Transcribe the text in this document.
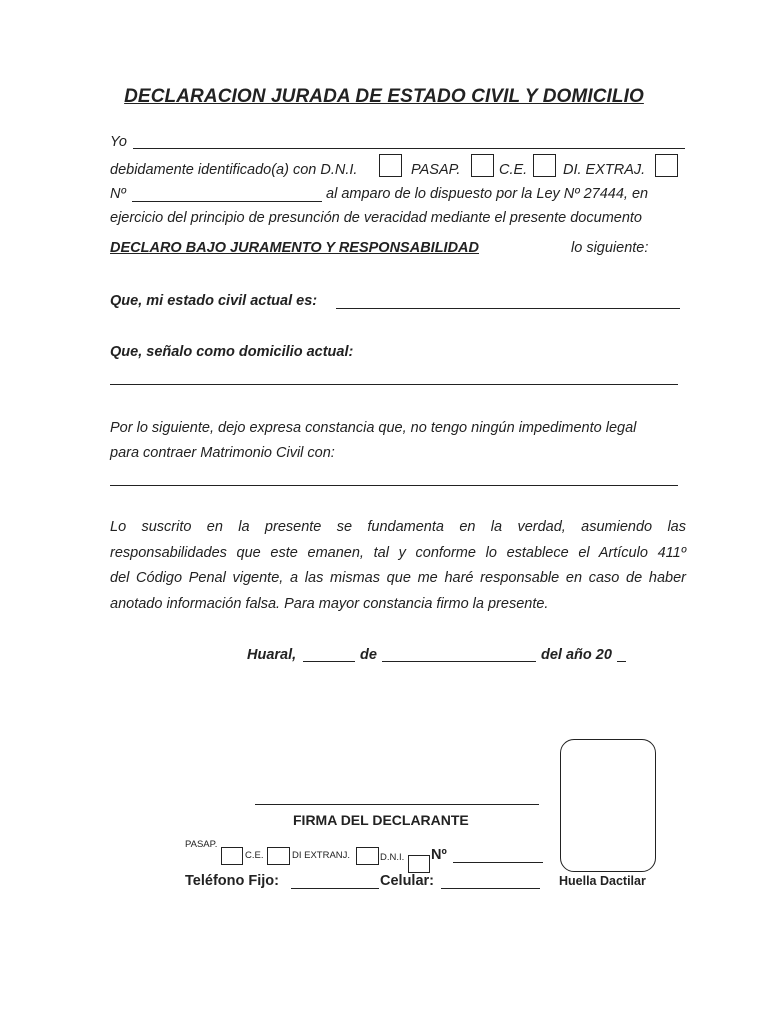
DECLARACION JURADA DE ESTADO CIVIL Y DOMICILIO
Yo
debidamente identificado(a) con D.N.I.	PASAP.	C.E. DI. EXTRAJ.
Nº	al amparo de lo dispuesto por la Ley Nº 27444, en
ejercicio del principio de presunción de veracidad mediante el presente documento
DECLARO BAJO JURAMENTO Y RESPONSABILIDAD	lo siguiente:
Que, mi estado civil actual es:
Que, señalo como domicilio actual:
Por lo siguiente, dejo expresa constancia que, no tengo ningún impedimento legal
para contraer Matrimonio Civil con:
Lo suscrito en la presente se fundamenta en la verdad, asumiendo las
responsabilidades que este emanen, tal y conforme lo establece el Artículo 411º
del Código Penal vigente, a las mismas que me haré responsable en caso de haber
anotado información falsa. Para mayor constancia firmo la presente.
Huaral,	de	del año 20
Huella Dactilar
FIRMA DEL DECLARANTE
PASAP.
C.E.	DI EXTRANJ.	D.N.I. Nº
Teléfono Fijo:	Celular:
